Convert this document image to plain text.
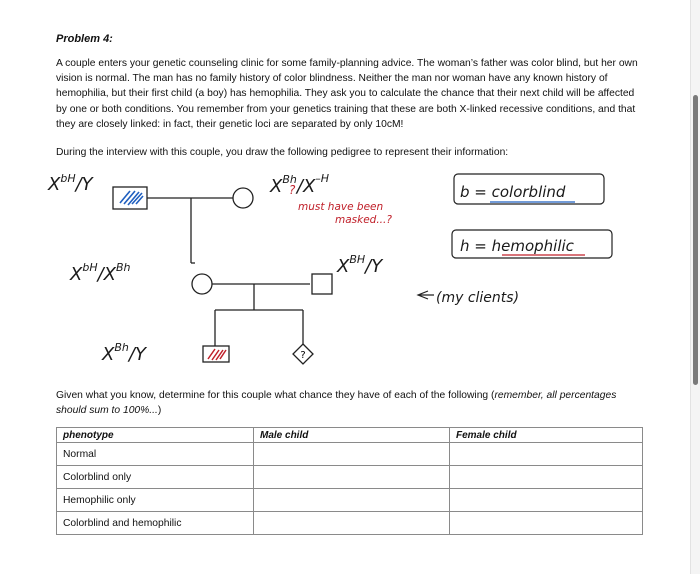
Problem 4:
A couple enters your genetic counseling clinic for some family-planning advice. The woman’s father was color blind, but her own vision is normal. The man has no family history of color blindness. Neither the man nor woman have any known history of hemophilia, but their first child (a boy) has hemophilia. They ask you to calculate the chance that their next child will be affected by one or both conditions. You remember from your genetics training that these are both X-linked recessive conditions, and that they are closely linked: in fact, their genetic loci are separated by only 10cM!
During the interview with this couple, you draw the following pedigree to represent their information:
?
$X^{bH}/Y$	$X^{Bh}/X^{-H}$
?
must have been
masked...?
$X^{bH}/X^{Bh}$	$X^{BH}/Y$
$X^{Bh}/Y$
b = colorblind
h = hemophilic
(my clients)
Given what you know, determine for this couple what chance they have of each of the following (remember, all percentages should sum to 100%...)
phenotype	Male child	Female child
Normal		
Colorblind only		
Hemophilic only		
Colorblind and hemophilic		
